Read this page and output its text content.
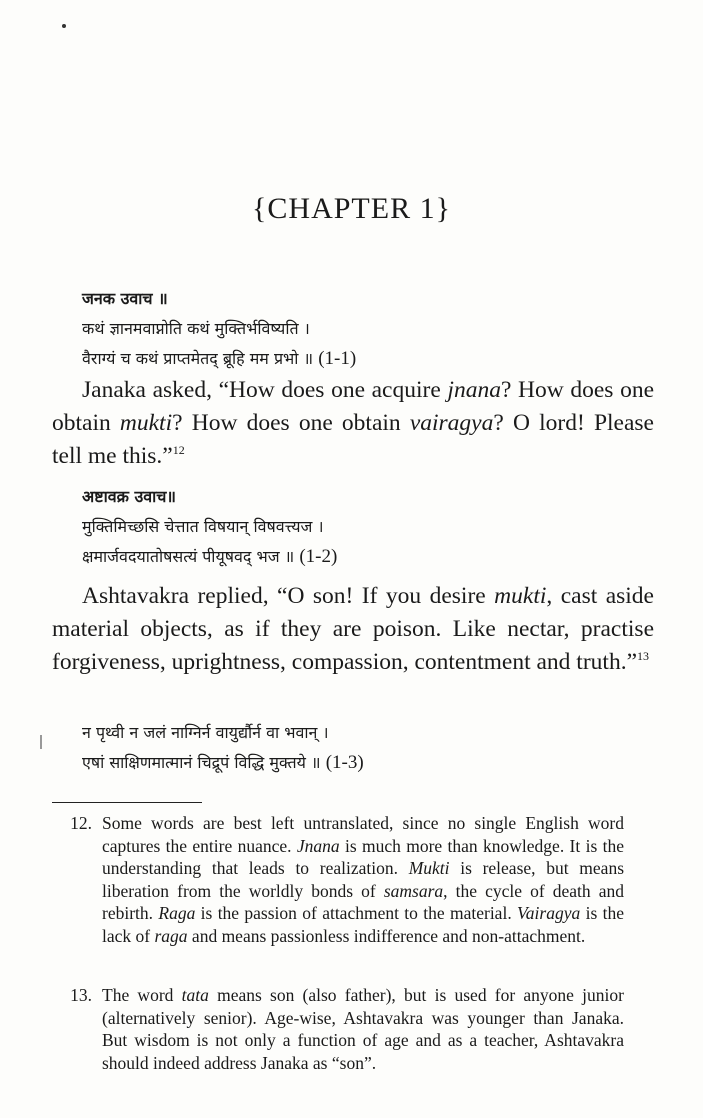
{CHAPTER 1}
जनक उवाच ॥
कथं ज्ञानमवाप्नोति कथं मुक्तिर्भविष्यति ।
वैराग्यं च कथं प्राप्तमेतद् ब्रूहि मम प्रभो ॥ (1-1)
Janaka asked, “How does one acquire jnana? How does one obtain mukti? How does one obtain vairagya? O lord! Please tell me this.”$^{12}$
अष्टावक्र उवाच॥
मुक्तिमिच्छसि चेत्तात विषयान् विषवत्त्यज ।
क्षमार्जवदयातोषसत्यं पीयूषवद् भज ॥ (1-2)
Ashtavakra replied, “O son! If you desire mukti, cast aside material objects, as if they are poison. Like nectar, practise forgiveness, uprightness, compassion, contentment and truth.”$^{13}$
न पृथ्वी न जलं नाग्निर्न वायुर्द्यौर्न वा भवान् ।
एषां साक्षिणमात्मानं चिद्रूपं विद्धि मुक्तये ॥ (1-3)
12. Some words are best left untranslated, since no single English word captures the entire nuance. Jnana is much more than knowledge. It is the understanding that leads to realization. Mukti is release, but means liberation from the worldly bonds of samsara, the cycle of death and rebirth. Raga is the passion of attachment to the material. Vairagya is the lack of raga and means passionless indifference and non-attachment.
13. The word tata means son (also father), but is used for anyone junior (alternatively senior). Age-wise, Ashtavakra was younger than Janaka. But wisdom is not only a function of age and as a teacher, Ashtavakra should indeed address Janaka as “son”.
